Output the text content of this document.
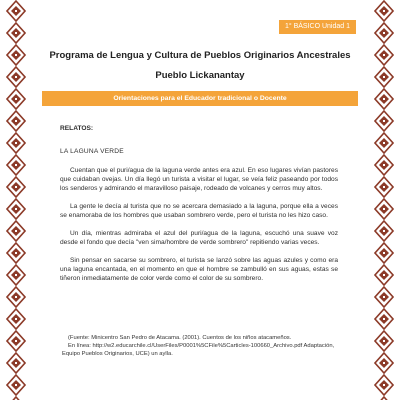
1° BÁSICO Unidad 1
Programa de Lengua y Cultura de Pueblos Originarios Ancestrales
Pueblo Lickanantay
Orientaciones para el Educador tradicional o Docente

RELATOS:

LA LAGUNA VERDE

Cuentan que el puri/agua de la laguna verde antes era azul. En eso lugares vivían pastores que cuidaban ovejas. Un día llegó un turista a visitar el lugar, se veía feliz paseando por todos los senderos y admirando el maravilloso paisaje, rodeado de volcanes y cerros muy altos.

La gente le decía al turista que no se acercara demasiado a la laguna, porque ella a veces se enamoraba de los hombres que usaban sombrero verde, pero el turista no les hizo caso.

Un día, mientras admiraba el azul del puri/agua de la laguna, escuchó una suave voz desde el fondo que decía "ven sima/hombre de verde sombrero" repitiendo varias veces.

Sin pensar en sacarse su sombrero, el turista se lanzó sobre las aguas azules y como era una laguna encantada, en el momento en que el hombre se zambulló en sus aguas, estas se tiñeron inmediatamente de color verde como el color de su sombrero.

(Fuente: Minicentro San Pedro de Atacama. (2001). Cuentos de los niños atacameños.

En línea: http://w2.educarchile.cl/UserFiles/P0001%5CFile%5Carticles-100660_Archivo.pdf Adaptación, Equipo Pueblos Originarios, UCE) un aylla.
